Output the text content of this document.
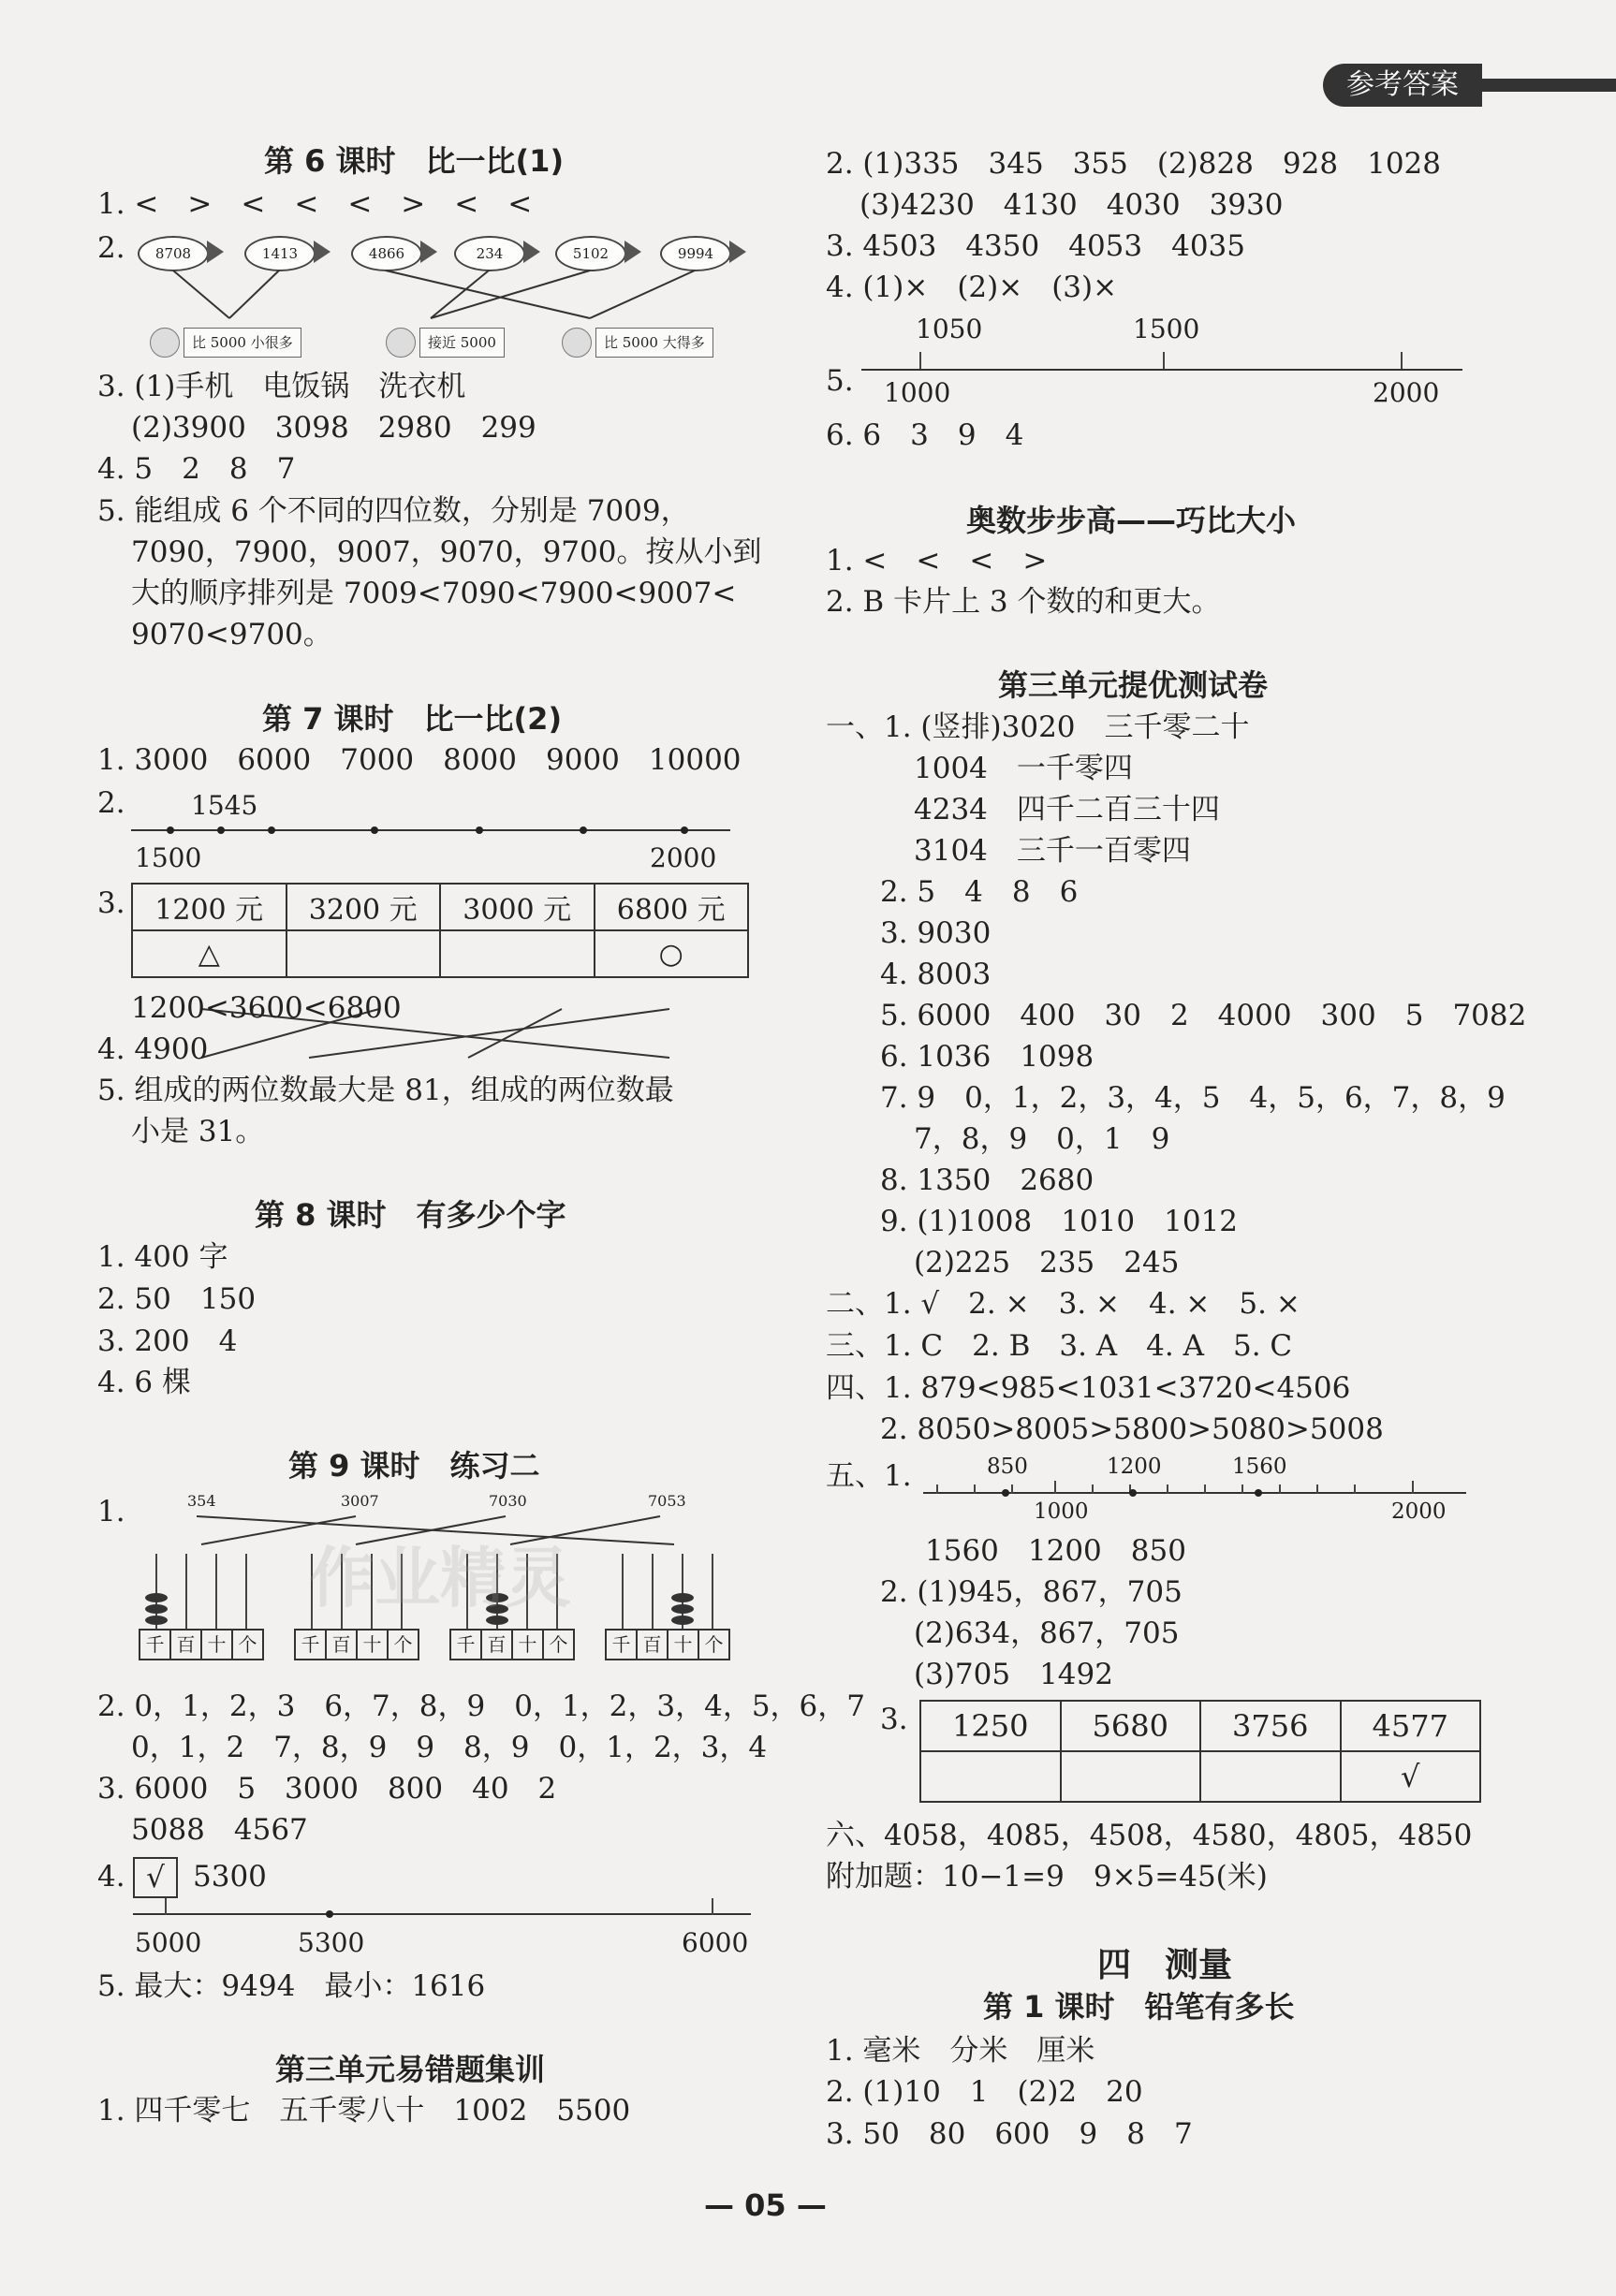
参考答案
第 6 课时　比一比(1)
1. <　>　<　<　<　>　<　<
2.	8708	1413	4866	234	5102	9994
比 5000 小很多	接近 5000	比 5000 大得多
3. (1)手机　电饭锅　洗衣机
(2)3900　3098　2980　299
4. 5　2　8　7
5. 能组成 6 个不同的四位数，分别是 7009，
7090，7900，9007，9070，9700。按从小到
大的顺序排列是 7009<7090<7900<9007<
9070<9700。
第 7 课时　比一比(2)
1. 3000　6000　7000　8000　9000　10000
2.	1545
1500	2000
3. 1200 元	3200 元	3000 元	6800 元
△			○
1200<3600<6800
4. 4900
5. 组成的两位数最大是 81，组成的两位数最
小是 31。
第 8 课时　有多少个字
1. 400 字
2. 50　150
3. 200　4
4. 6 棵
第 9 课时　练习二
1.	354	3007	7030	7053
千 百 十 个 千 百 十 个 千 百 十 个 千 百 十 个
2. 0，1，2，3　6，7，8，9　0，1，2，3，4，5，6，7
0，1，2　7，8，9　9　8，9　0，1，2，3，4
3. 6000　5　3000　800　40　2
5088　4567
4. √ 5300
5000	5300	6000
5. 最大：9494　最小：1616
第三单元易错题集训
1. 四千零七　五千零八十　1002　5500
2. (1)335　345　355　(2)828　928　1028
(3)4230　4130　4030　3930
3. 4503　4350　4053　4035
4. (1)×　(2)×　(3)×
5.
1050	1500
1000	2000
6. 6　3　9　4
奥数步步高——巧比大小
1. <　<　<　>
2. B 卡片上 3 个数的和更大。
第三单元提优测试卷
一、1. (竖排)3020　三千零二十
1004　一千零四
4234　四千二百三十四
3104　三千一百零四
2. 5　4　8　6
3. 9030
4. 8003
5. 6000　400　30　2　4000　300　5　7082
6. 1036　1098
7. 9　0，1，2，3，4，5　4，5，6，7，8，9
7，8，9　0，1　9
8. 1350　2680
9. (1)1008　1010　1012
(2)225　235　245
二、1. √　2. ×　3. ×　4. ×　5. ×
三、1. C　2. B　3. A　4. A　5. C
四、1. 879<985<1031<3720<4506
2. 8050>8005>5800>5080>5008
五、1.	850	1200	1560
1000	2000
1560　1200　850
2. (1)945，867，705
(2)634，867，705
(3)705　1492
3. 1250	5680	3756	4577
			√
六、4058，4085，4508，4580，4805，4850
附加题：10−1=9　9×5=45(米)
四　测量
第 1 课时　铅笔有多长
1. 毫米　分米　厘米
2. (1)10　1　(2)2　20
3. 50　80　600　9　8　7
作业精灵
— 05 —
